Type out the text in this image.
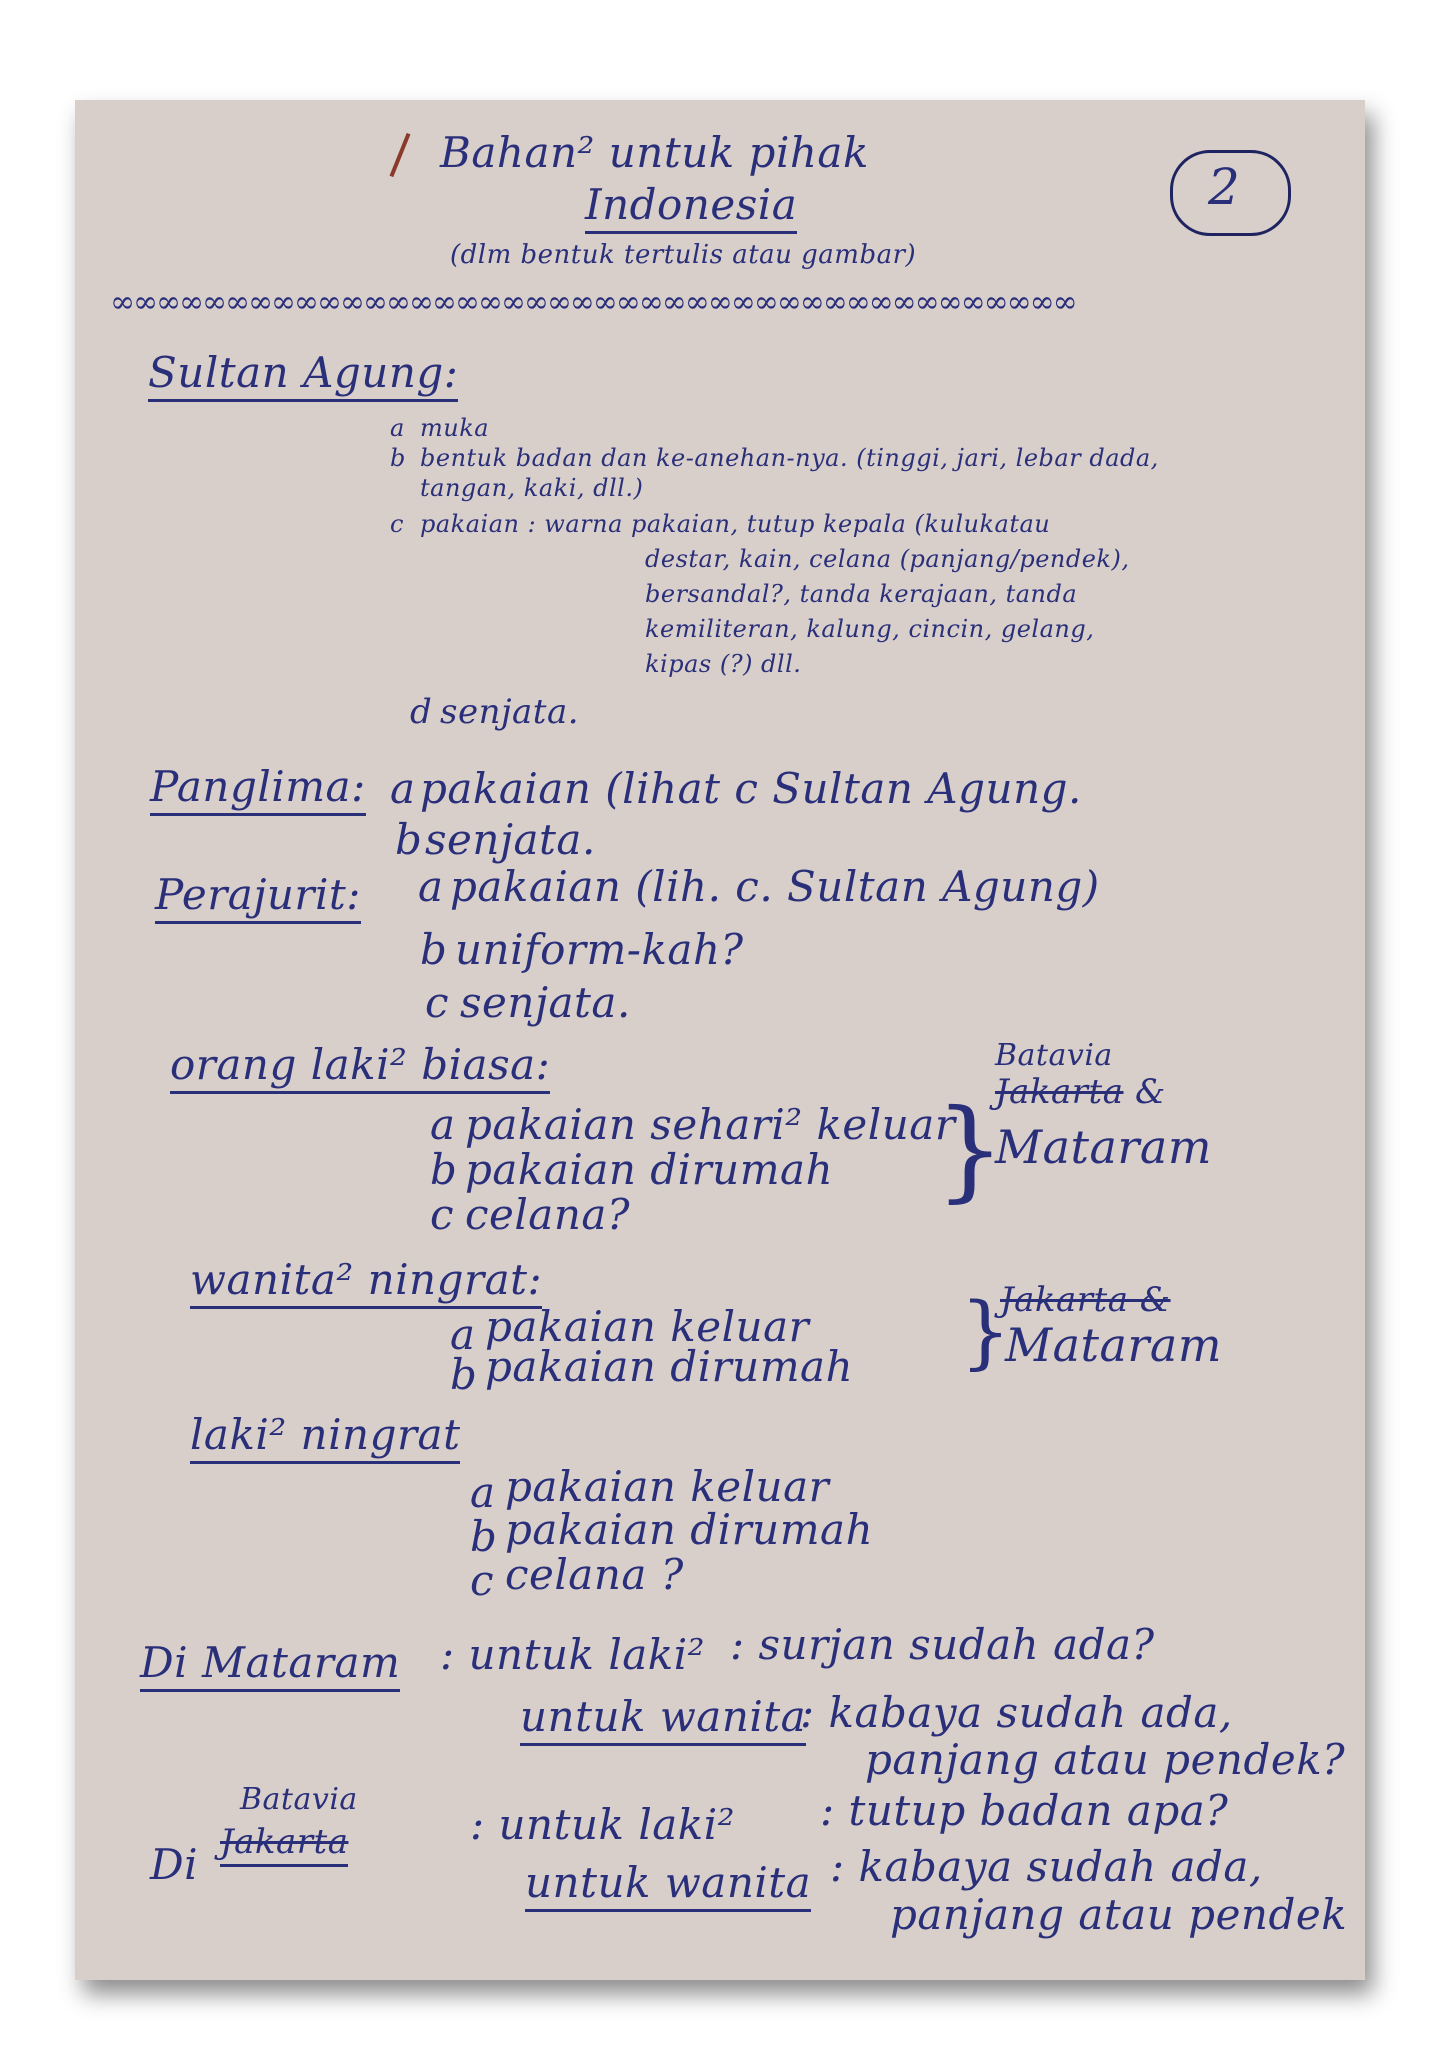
Bahan² untuk pihak
Indonesia
(dlm bentuk tertulis atau gambar)
2
∞∞∞∞∞∞∞∞∞∞∞∞∞∞∞∞∞∞∞∞∞∞∞∞∞∞∞∞∞∞∞∞∞∞∞∞∞∞∞∞∞∞
Sultan Agung:
a muka
b bentuk badan dan ke-anehan-nya. (tinggi, jari, lebar dada,
tangan, kaki, dll.)
c pakaian : warna pakaian, tutup kepala (kulukatau
destar, kain, celana (panjang/pendek),
bersandal?, tanda kerajaan, tanda
kemiliteran, kalung, cincin, gelang,
kipas (?) dll.
d senjata.
Panglima: a pakaian (lihat c Sultan Agung.
b senjata.
Perajurit: a pakaian (lih. c. Sultan Agung)
b uniform-kah?
c senjata.
orang laki² biasa:
a pakaian sehari² keluar
b pakaian dirumah
c celana?
}
Batavia
Jakarta &
Mataram
wanita² ningrat:
a pakaian keluar
b pakaian dirumah }
Jakarta &
Mataram
laki² ningrat
a pakaian keluar
b pakaian dirumah
c celana ?
Di Mataram : untuk laki² : surjan sudah ada?
untuk wanita
: kabaya sudah ada,
panjang atau pendek?
Di
Batavia
Jakarta	: untuk laki² : tutup badan apa?
untuk wanita : kabaya sudah ada,
panjang atau pendek
